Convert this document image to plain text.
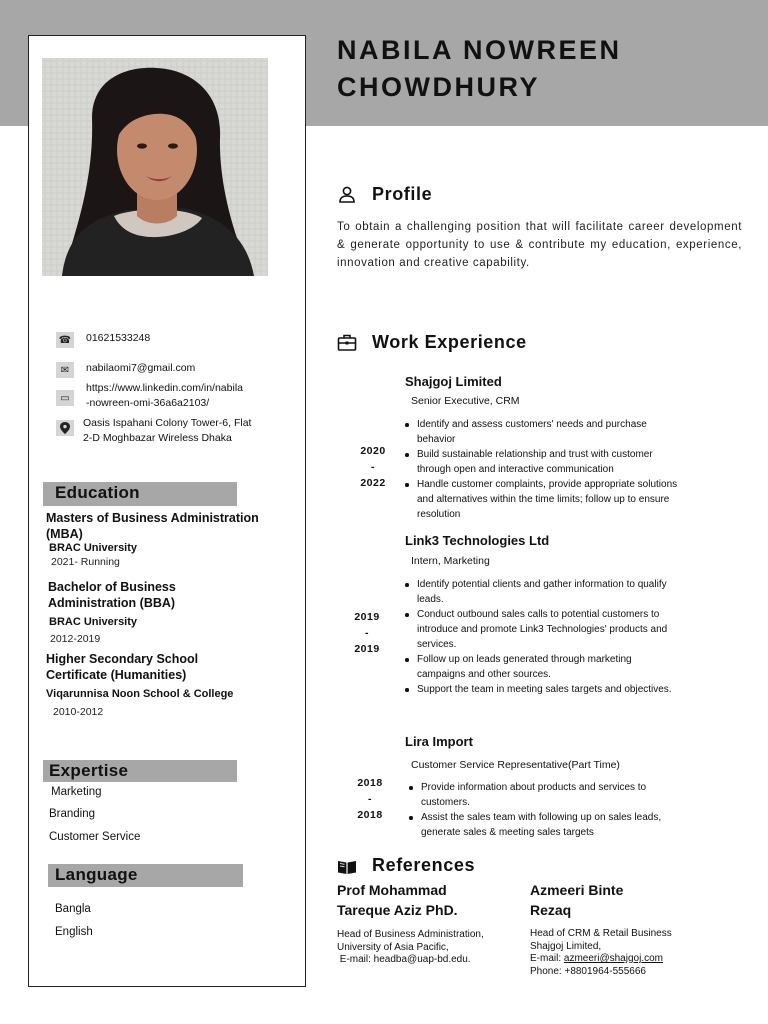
NABILA NOWREEN
CHOWDHURY
☎ 01621533248
✉	nabilaomi7@gmail.com
▭
https://www.linkedin.com/in/nabila
-nowreen-omi-36a6a2103/
Oasis Ispahani Colony Tower-6, Flat
2-D Moghbazar Wireless Dhaka
Education
Masters of Business Administration
(MBA)
BRAC University
2021- Running
Bachelor of Business
Administration (BBA)
BRAC University
2012-2019
Higher Secondary School
Certificate (Humanities)
Viqarunnisa Noon School & College
2010-2012
Expertise
Marketing
Branding
Customer Service
Language
Bangla
English
Profile
To obtain a challenging position that will facilitate career development & generate opportunity to use & contribute my education, experience, innovation and creative capability.
Work Experience
Shajgoj Limited
Senior Executive, CRM
2020
-
2022
Identify and assess customers' needs and purchase behavior
Build sustainable relationship and trust with customer through open and interactive communication
Handle customer complaints, provide appropriate solutions and alternatives within the time limits; follow up to ensure resolution
Link3 Technologies Ltd
Intern, Marketing
2019
-
2019
Identify potential clients and gather information to qualify leads.
Conduct outbound sales calls to potential customers to introduce and promote Link3 Technologies' products and services.
Follow up on leads generated through marketing campaigns and other sources.
Support the team in meeting sales targets and objectives.
Lira Import
Customer Service Representative(Part Time)
2018
-
2018
Provide information about products and services to customers.
Assist the sales team with following up on sales leads, generate sales & meeting sales targets
References
Prof Mohammad
Tareque Aziz PhD.
Head of Business Administration,
University of Asia Pacific,
E-mail: headba@uap-bd.edu.
Azmeeri Binte
Rezaq
Head of CRM & Retail Business
Shajgoj Limited,
E-mail: azmeeri@shajgoj.com
Phone: +8801964-555666
